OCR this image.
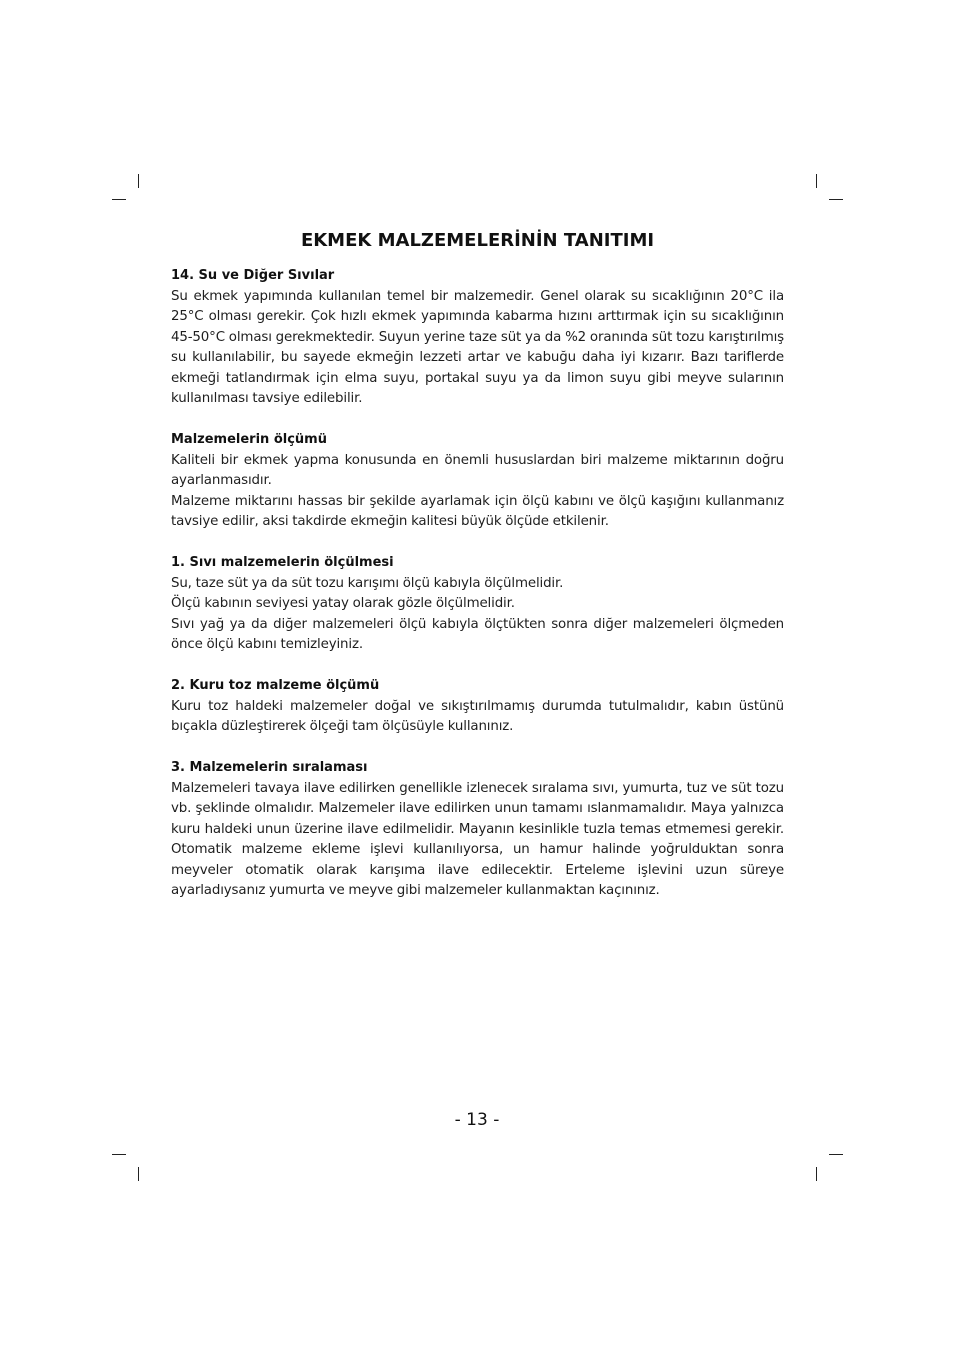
EKMEK MALZEMELERİNİN TANITIMI
14. Su ve Diğer Sıvılar

Su ekmek yapımında kullanılan temel bir malzemedir. Genel olarak su sıcaklığının 20°C ila 25°C olması gerekir. Çok hızlı ekmek yapımında kabarma hızını arttırmak için su sıcaklığının 45-50°C olması gerekmektedir. Suyun yerine taze süt ya da %2 oranında süt tozu karıştırılmış su kullanılabilir, bu sayede ekmeğin lezzeti artar ve kabuğu daha iyi kızarır. Bazı tariflerde ekmeği tatlandırmak için elma suyu, portakal suyu ya da limon suyu gibi meyve sularının kullanılması tavsiye edilebilir.

Malzemelerin ölçümü

Kaliteli bir ekmek yapma konusunda en önemli hususlardan biri malzeme miktarının doğru ayarlanmasıdır.

Malzeme miktarını hassas bir şekilde ayarlamak için ölçü kabını ve ölçü kaşığını kullanmanız tavsiye edilir, aksi takdirde ekmeğin kalitesi büyük ölçüde etkilenir.

1. Sıvı malzemelerin ölçülmesi

Su, taze süt ya da süt tozu karışımı ölçü kabıyla ölçülmelidir.

Ölçü kabının seviyesi yatay olarak gözle ölçülmelidir.

Sıvı yağ ya da diğer malzemeleri ölçü kabıyla ölçtükten sonra diğer malzemeleri ölçmeden önce ölçü kabını temizleyiniz.

2. Kuru toz malzeme ölçümü

Kuru toz haldeki malzemeler doğal ve sıkıştırılmamış durumda tutulmalıdır, kabın üstünü bıçakla düzleştirerek ölçeği tam ölçüsüyle kullanınız.

3. Malzemelerin sıralaması

Malzemeleri tavaya ilave edilirken genellikle izlenecek sıralama sıvı, yumurta, tuz ve süt tozu vb. şeklinde olmalıdır. Malzemeler ilave edilirken unun tamamı ıslanmamalıdır. Maya yalnızca kuru haldeki unun üzerine ilave edilmelidir. Mayanın kesinlikle tuzla temas etmemesi gerekir. Otomatik malzeme ekleme işlevi kullanılıyorsa, un hamur halinde yoğrulduktan sonra meyveler otomatik olarak karışıma ilave edilecektir. Erteleme işlevini uzun süreye ayarladıysanız yumurta ve meyve gibi malzemeler kullanmaktan kaçınınız.

- 13 -
